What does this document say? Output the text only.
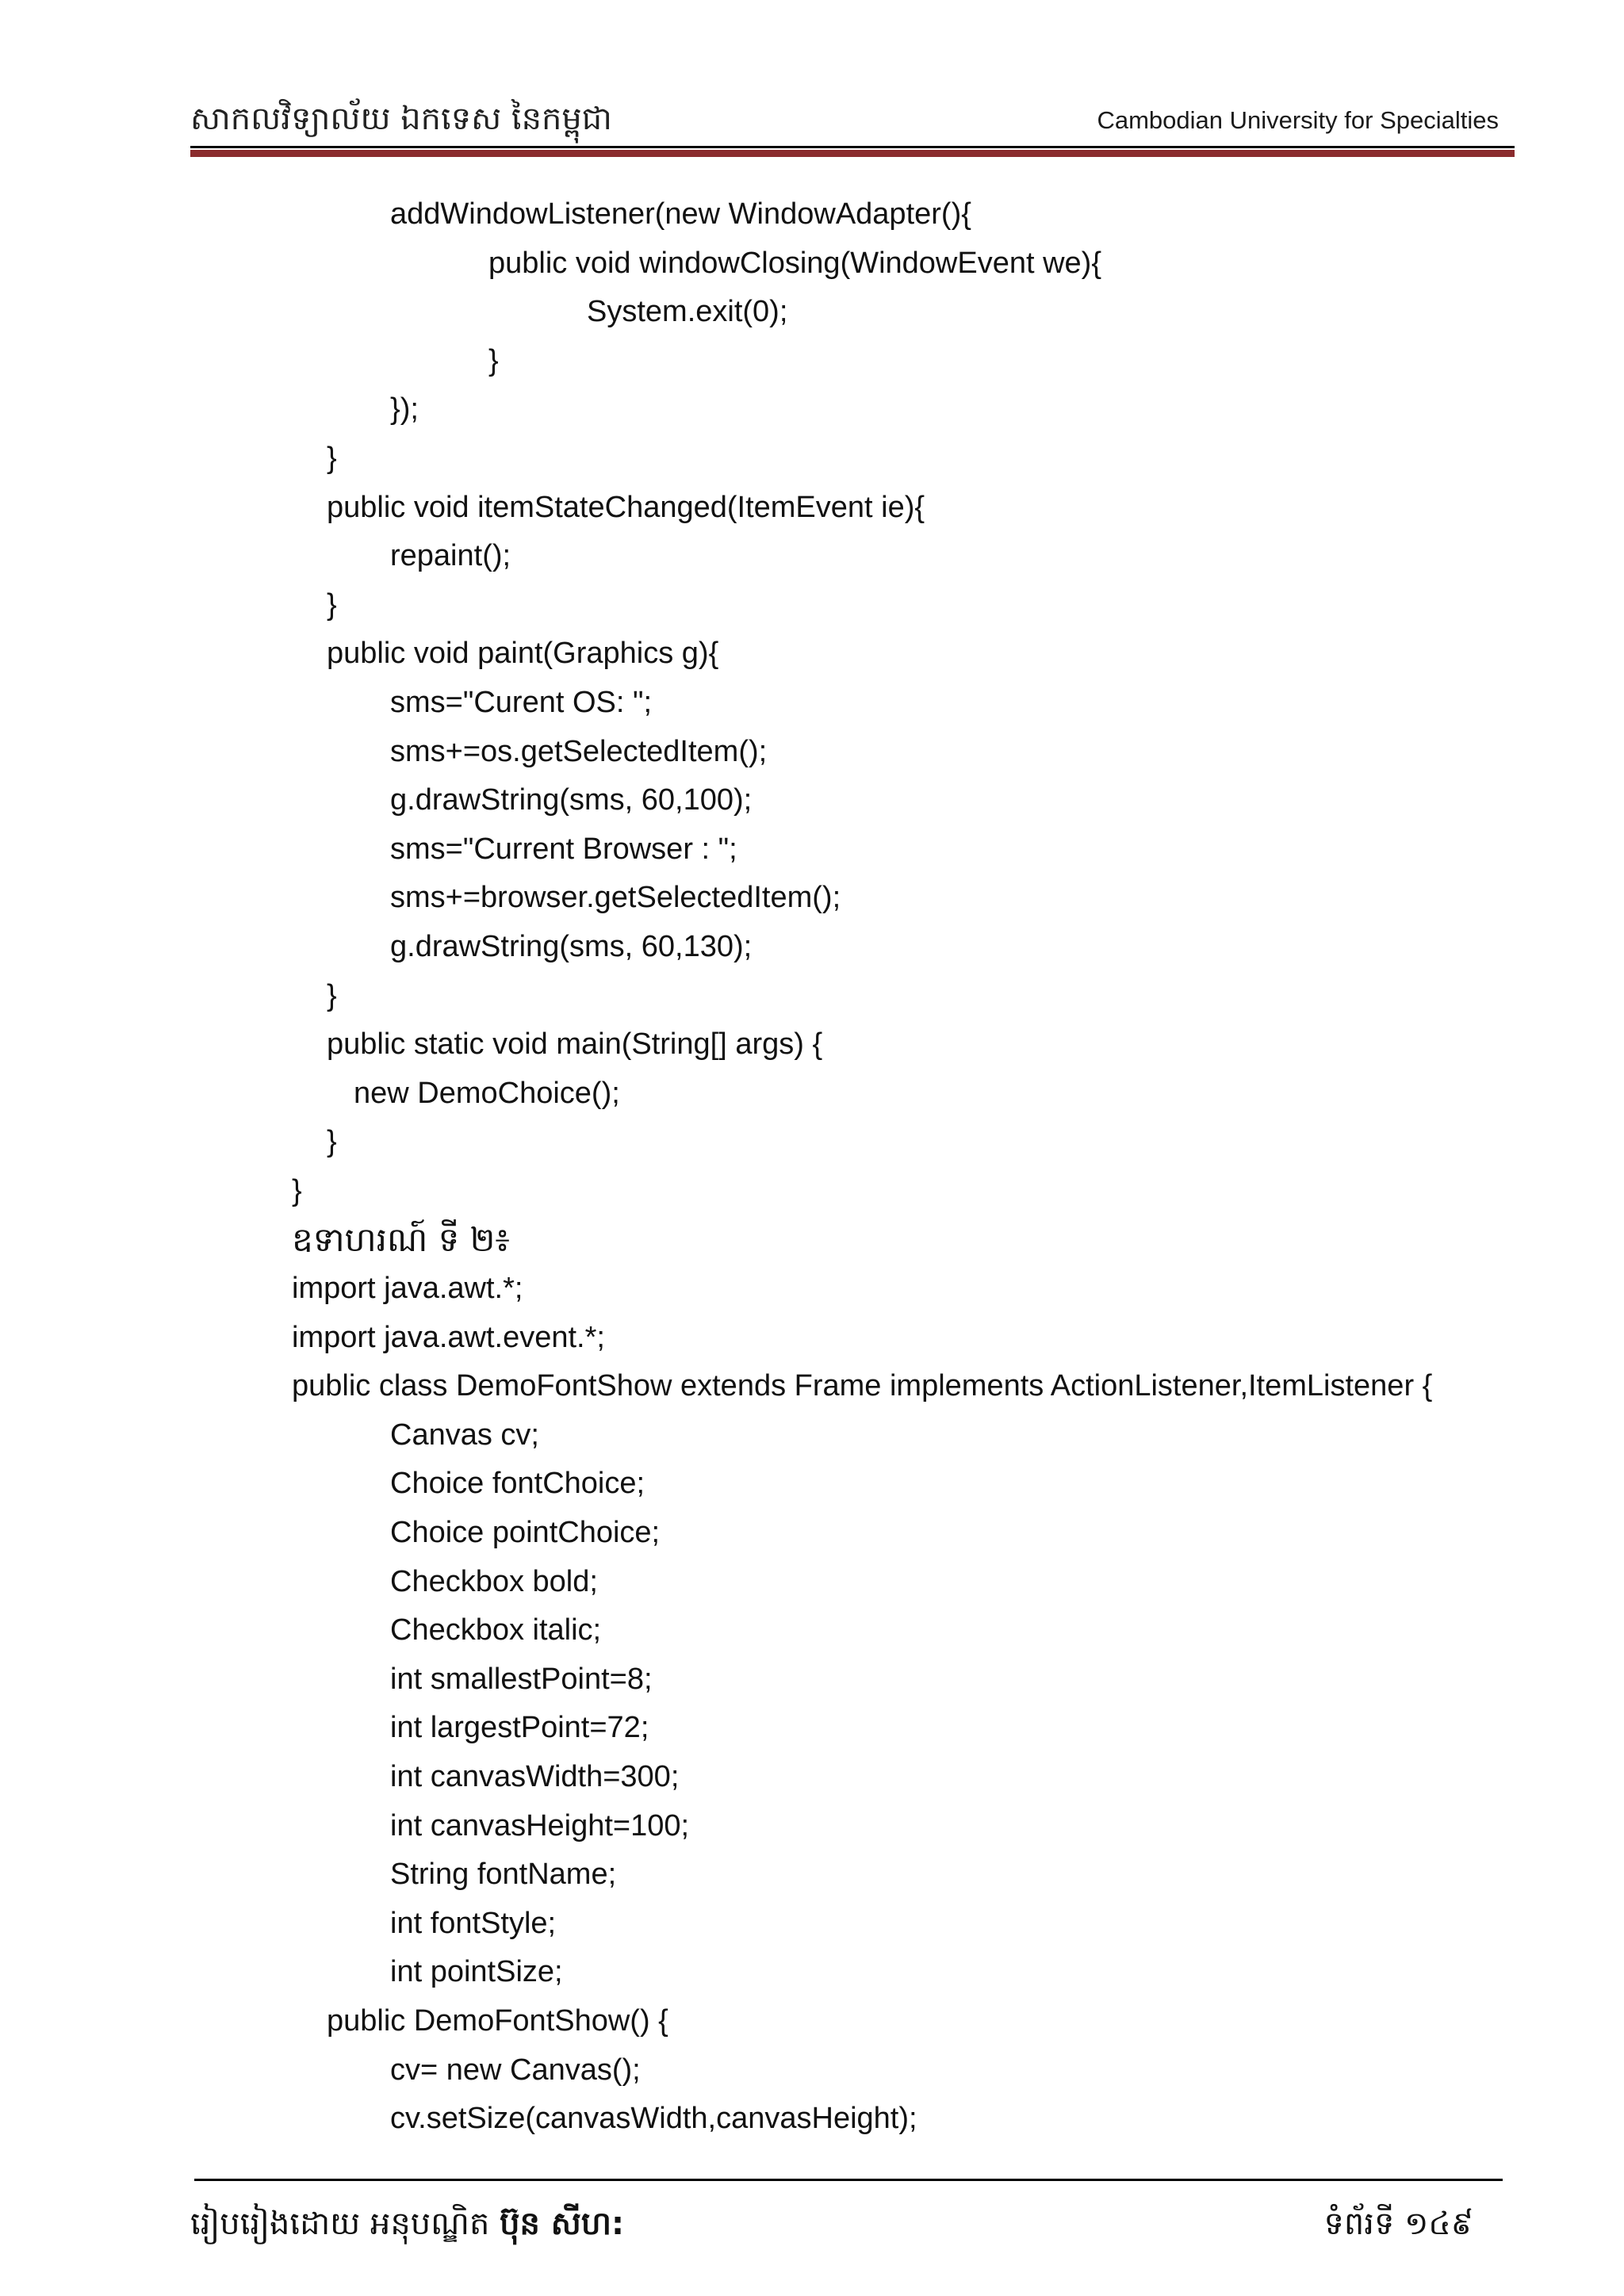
សាកលវិទ្យាល័យ ឯកទេស នៃកម្ពុជា	Cambodian University for Specialties
addWindowListener(new WindowAdapter(){
public void windowClosing(WindowEvent we){
System.exit(0);
}
});
}
public void itemStateChanged(ItemEvent ie){
repaint();
}
public void paint(Graphics g){
sms="Curent OS: ";
sms+=os.getSelectedItem();
g.drawString(sms, 60,100);
sms="Current Browser : ";
sms+=browser.getSelectedItem();
g.drawString(sms, 60,130);
}
public static void main(String[] args) {
new DemoChoice();
}
}
ឧទាហរណ៍ ទី ២៖
import java.awt.*;
import java.awt.event.*;
public class DemoFontShow extends Frame implements ActionListener,ItemListener {
Canvas cv;
Choice fontChoice;
Choice pointChoice;
Checkbox bold;
Checkbox italic;
int smallestPoint=8;
int largestPoint=72;
int canvasWidth=300;
int canvasHeight=100;
String fontName;
int fontStyle;
int pointSize;
public DemoFontShow() {
cv= new Canvas();
cv.setSize(canvasWidth,canvasHeight);
រៀបរៀងដោយ អនុបណ្ឌិត ប៊ុន សីហ:	ទំព័រទី ១៤៩
